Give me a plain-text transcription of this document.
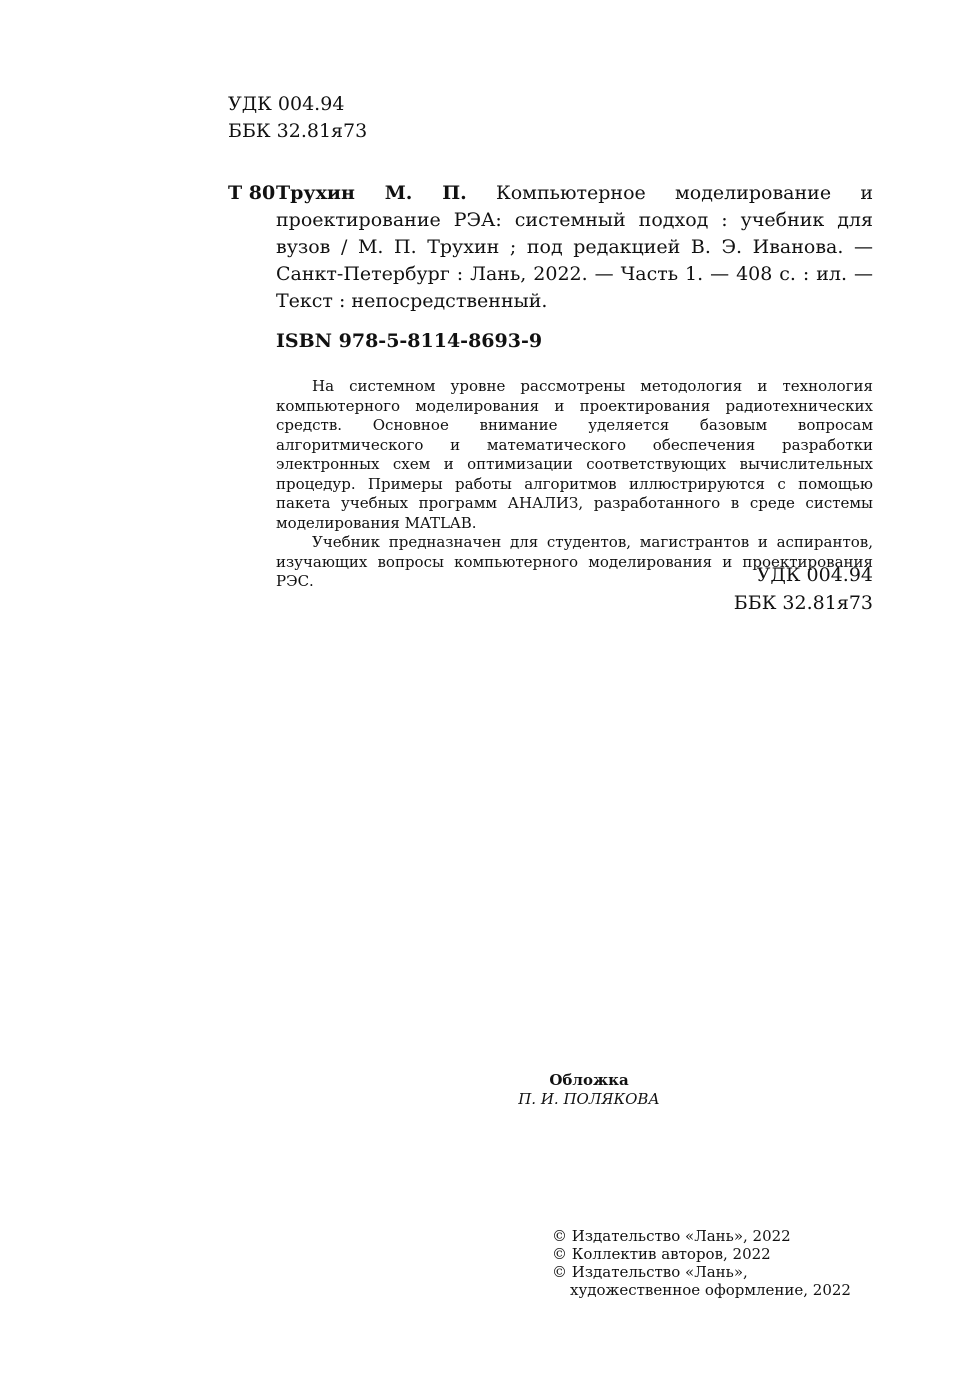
УДК 004.94
ББК 32.81я73
Т 80 Трухин М. П. Компьютерное моделирование и проектирование РЭА: системный подход : учебник для вузов / М. П. Трухин ; под редакцией В. Э. Иванова. — Санкт-Петербург : Лань, 2022. — Часть 1. — 408 с. : ил. — Текст : непосредственный.
ISBN 978-5-8114-8693-9

На системном уровне рассмотрены методология и технология компьютерного моделирования и проектирования радиотехнических средств. Основное внимание уделяется базовым вопросам алгоритмического и математического обеспечения разработки электронных схем и оптимизации соответствующих вычислительных процедур. Примеры работы алгоритмов иллюстрируются с помощью пакета учебных программ АНАЛИЗ, разработанного в среде системы моделирования MATLAB.

Учебник предназначен для студентов, магистрантов и аспирантов, изучающих вопросы компьютерного моделирования и проектирования РЭС.	УДК 004.94
ББК 32.81я73
Обложка
П. И. ПОЛЯКОВА
© Издательство «Лань», 2022
© Коллектив авторов, 2022
© Издательство «Лань»,
художественное оформление, 2022
